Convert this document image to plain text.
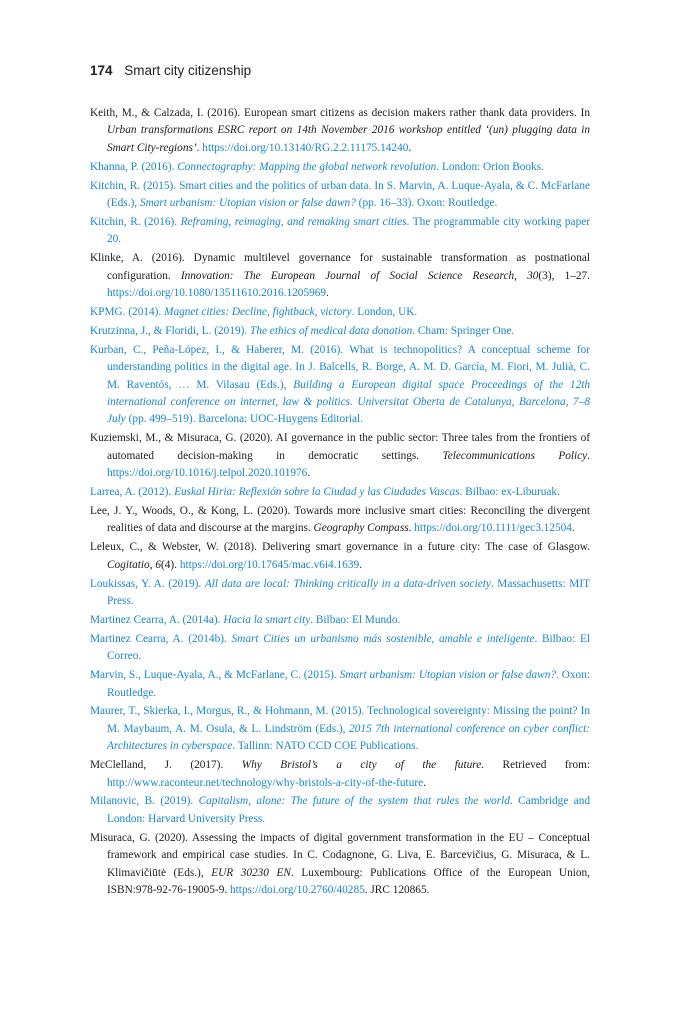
174 Smart city citizenship
Keith, M., & Calzada, I. (2016). European smart citizens as decision makers rather thank data providers. In Urban transformations ESRC report on 14th November 2016 workshop entitled ‘(un) plugging data in Smart City-regions’. https://doi.org/10.13140/RG.2.2.11175.14240.
Khanna, P. (2016). Connectography: Mapping the global network revolution. London: Orion Books.
Kitchin, R. (2015). Smart cities and the politics of urban data. In S. Marvin, A. Luque-Ayala, & C. McFarlane (Eds.), Smart urbanism: Utopian vision or false dawn? (pp. 16–33). Oxon: Routledge.
Kitchin, R. (2016). Reframing, reimaging, and remaking smart cities. The programmable city working paper 20.
Klinke, A. (2016). Dynamic multilevel governance for sustainable transformation as postnational configuration. Innovation: The European Journal of Social Science Research, 30(3), 1–27. https://doi.org/10.1080/13511610.2016.1205969.
KPMG. (2014). Magnet cities: Decline, fightback, victory. London, UK.
Krutzinna, J., & Floridi, L. (2019). The ethics of medical data donation. Cham: Springer One.
Kurban, C., Peña-López, I., & Haberer, M. (2016). What is technopolitics? A conceptual scheme for understanding politics in the digital age. In J. Balcells, R. Borge, A. M. D. García, M. Fiori, M. Julià, C. M. Raventós, … M. Vilasau (Eds.), Building a European digital space Proceedings of the 12th international conference on internet, law & politics. Universitat Oberta de Catalunya, Barcelona, 7–8 July (pp. 499–519). Barcelona: UOC-Huygens Editorial.
Kuziemski, M., & Misuraca, G. (2020). AI governance in the public sector: Three tales from the frontiers of automated decision-making in democratic settings. Telecommunications Policy. https://doi.org/10.1016/j.telpol.2020.101976.
Larrea, A. (2012). Euskal Hiria: Reflexión sobre la Ciudad y las Ciudades Vascas. Bilbao: ex-Liburuak.
Lee, J. Y., Woods, O., & Kong, L. (2020). Towards more inclusive smart cities: Reconciling the divergent realities of data and discourse at the margins. Geography Compass. https://doi.org/10.1111/gec3.12504.
Leleux, C., & Webster, W. (2018). Delivering smart governance in a future city: The case of Glasgow. Cogitatio, 6(4). https://doi.org/10.17645/mac.v6i4.1639.
Loukissas, Y. A. (2019). All data are local: Thinking critically in a data-driven society. Massachusetts: MIT Press.
Martinez Cearra, A. (2014a). Hacia la smart city. Bilbao: El Mundo.
Martinez Cearra, A. (2014b). Smart Cities un urbanismo más sostenible, amable e inteligente. Bilbao: El Correo.
Marvin, S., Luque-Ayala, A., & McFarlane, C. (2015). Smart urbanism: Utopian vision or false dawn?. Oxon: Routledge.
Maurer, T., Skierka, I., Morgus, R., & Hohmann, M. (2015). Technological sovereignty: Missing the point? In M. Maybaum, A. M. Osula, & L. Lindström (Eds.), 2015 7th international conference on cyber conflict: Architectures in cyberspace. Tallinn: NATO CCD COE Publications.
McClelland, J. (2017). Why Bristol’s a city of the future. Retrieved from: http://www.raconteur.net/technology/why-bristols-a-city-of-the-future.
Milanovic, B. (2019). Capitalism, alone: The future of the system that rules the world. Cambridge and London: Harvard University Press.
Misuraca, G. (2020). Assessing the impacts of digital government transformation in the EU – Conceptual framework and empirical case studies. In C. Codagnone, G. Liva, E. Barcevičius, G. Misuraca, & L. Klimavičiūtė (Eds.), EUR 30230 EN. Luxembourg: Publications Office of the European Union, ISBN:978-92-76-19005-9. https://doi.org/10.2760/40285. JRC 120865.
